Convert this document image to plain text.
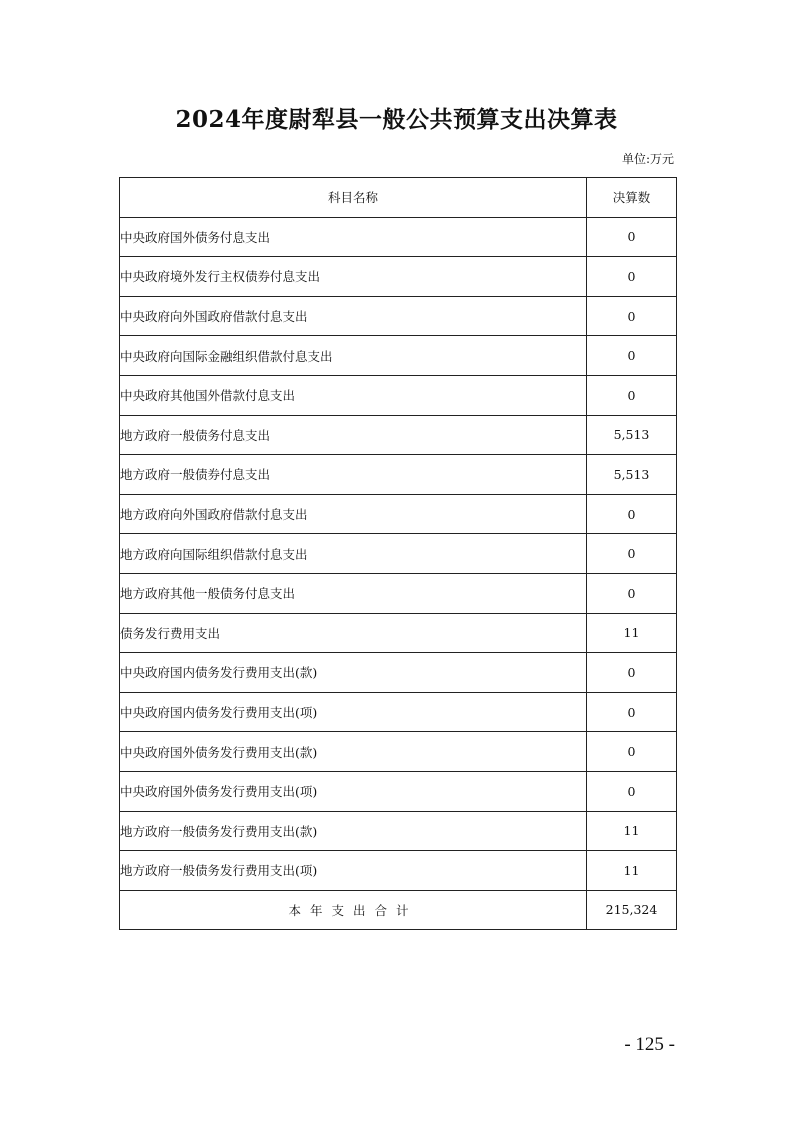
2024年度尉犁县一般公共预算支出决算表
单位:万元
科目名称	决算数
中央政府国外债务付息支出	0
中央政府境外发行主权债券付息支出	0
中央政府向外国政府借款付息支出	0
中央政府向国际金融组织借款付息支出	0
中央政府其他国外借款付息支出	0
地方政府一般债务付息支出	5,513
地方政府一般债券付息支出	5,513
地方政府向外国政府借款付息支出	0
地方政府向国际组织借款付息支出	0
地方政府其他一般债务付息支出	0
债务发行费用支出	11
中央政府国内债务发行费用支出(款)	0
中央政府国内债务发行费用支出(项)	0
中央政府国外债务发行费用支出(款)	0
中央政府国外债务发行费用支出(项)	0
地方政府一般债务发行费用支出(款)	11
地方政府一般债务发行费用支出(项)	11
本年支出合计	215,324
- 125 -
